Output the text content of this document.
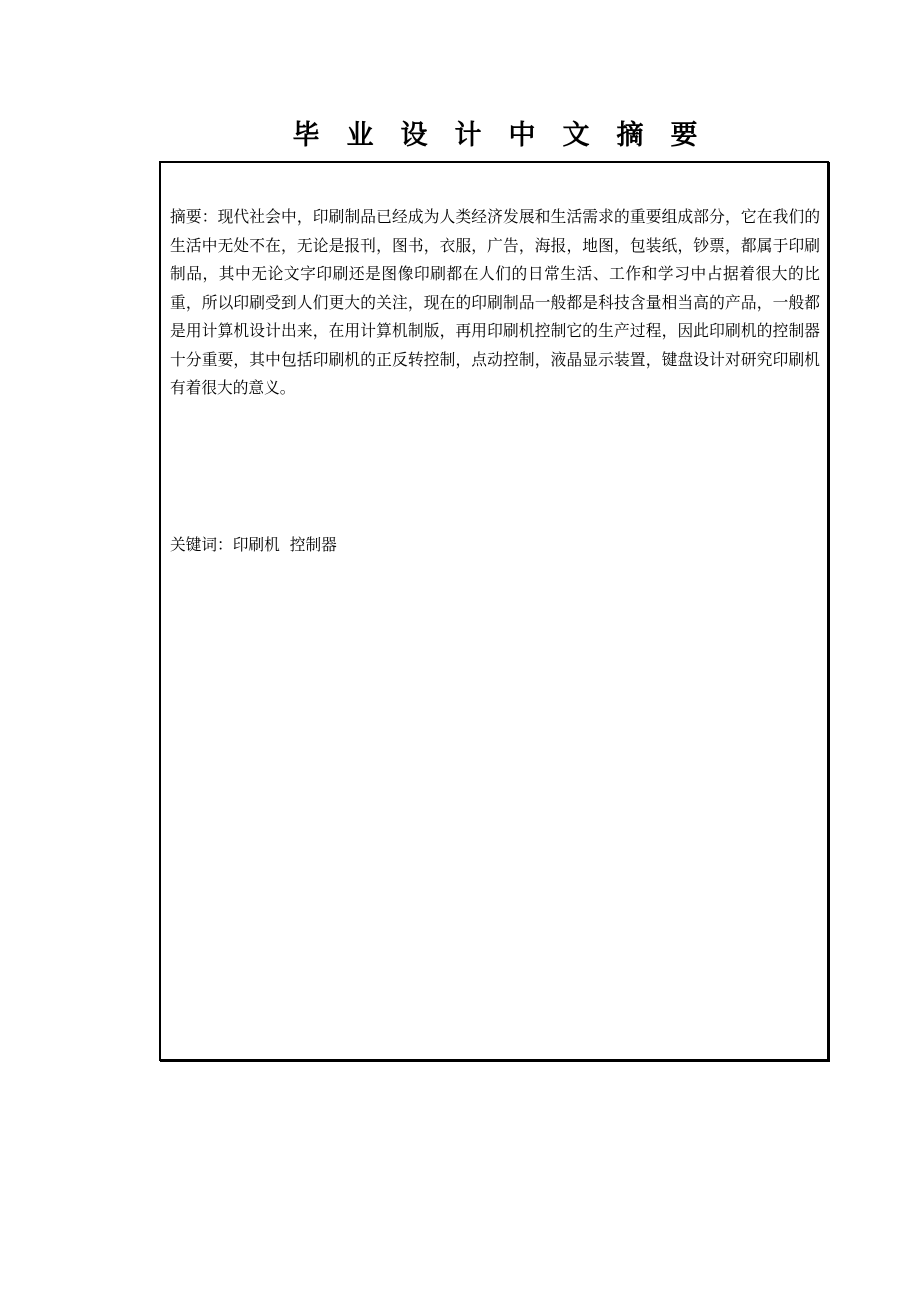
毕业设计中文摘要

摘要：现代社会中，印刷制品已经成为人类经济发展和生活需求的重要组成部分，它在我们的生活中无处不在，无论是报刊，图书，衣服，广告，海报，地图，包装纸，钞票，都属于印刷制品，其中无论文字印刷还是图像印刷都在人们的日常生活、工作和学习中占据着很大的比重，所以印刷受到人们更大的关注，现在的印刷制品一般都是科技含量相当高的产品，一般都是用计算机设计出来，在用计算机制版，再用印刷机控制它的生产过程，因此印刷机的控制器十分重要，其中包括印刷机的正反转控制，点动控制，液晶显示装置，键盘设计对研究印刷机有着很大的意义。

关键词：印刷机  控制器
